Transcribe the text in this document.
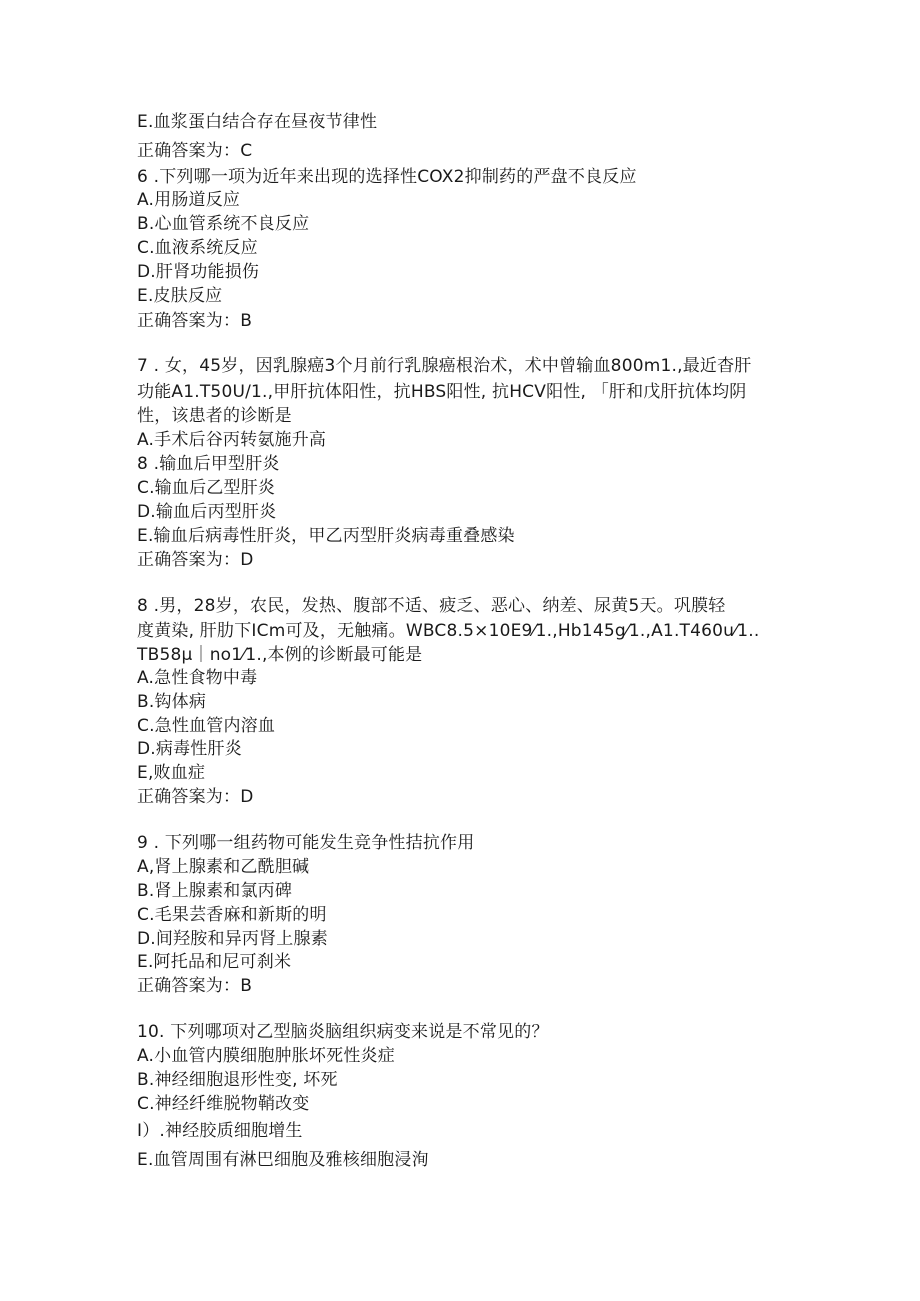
E.血浆蛋白结合存在昼夜节律性
正确答案为：C
6 .下列哪一项为近年来出现的选择性COX2抑制药的严盘不良反应
A.用肠道反应
B.心血管系统不良反应
C.血液系统反应
D.肝肾功能损伤
E.皮肤反应
正确答案为：B
7 . 女，45岁，因乳腺癌3个月前行乳腺癌根治术，术中曾输血800m1.,最近杳肝
功能A1.T50U/1.,甲肝抗体阳性，抗HBS阳性, 抗HCV阳性, 「肝和戊肝抗体均阴
性，该患者的诊断是
A.手术后谷丙转氨施升高
8 .输血后甲型肝炎
C.输血后乙型肝炎
D.输血后丙型肝炎
E.输血后病毒性肝炎，甲乙丙型肝炎病毒重叠感染
正确答案为：D
8 .男，28岁，农民，发热、腹部不适、疲乏、恶心、纳差、尿黄5天。巩膜轻
度黄染, 肝肋下ICm可及，无触痛。WBC8.5×10E9⁄1.,Hb145g⁄1.,A1.T460u⁄1..
TB58μ｜no1⁄1.,本例的诊断最可能是
A.急性食物中毒
B.钩体病
C.急性血管内溶血
D.病毒性肝炎
E,败血症
正确答案为：D
9 . 下列哪一组药物可能发生竞争性拮抗作用
A,肾上腺素和乙酰胆碱
B.肾上腺素和氯丙碑
C.毛果芸香麻和新斯的明
D.间羟胺和异丙肾上腺素
E.阿托品和尼可刹米
正确答案为：B
10. 下列哪项对乙型脑炎脑组织病变来说是不常见的？
A.小血管内膜细胞肿胀坏死性炎症
B.神经细胞退形性变, 坏死
C.神经纤维脱物鞘改变
I）.神经胶质细胞增生
E.血管周围有淋巴细胞及雅核细胞浸洵
